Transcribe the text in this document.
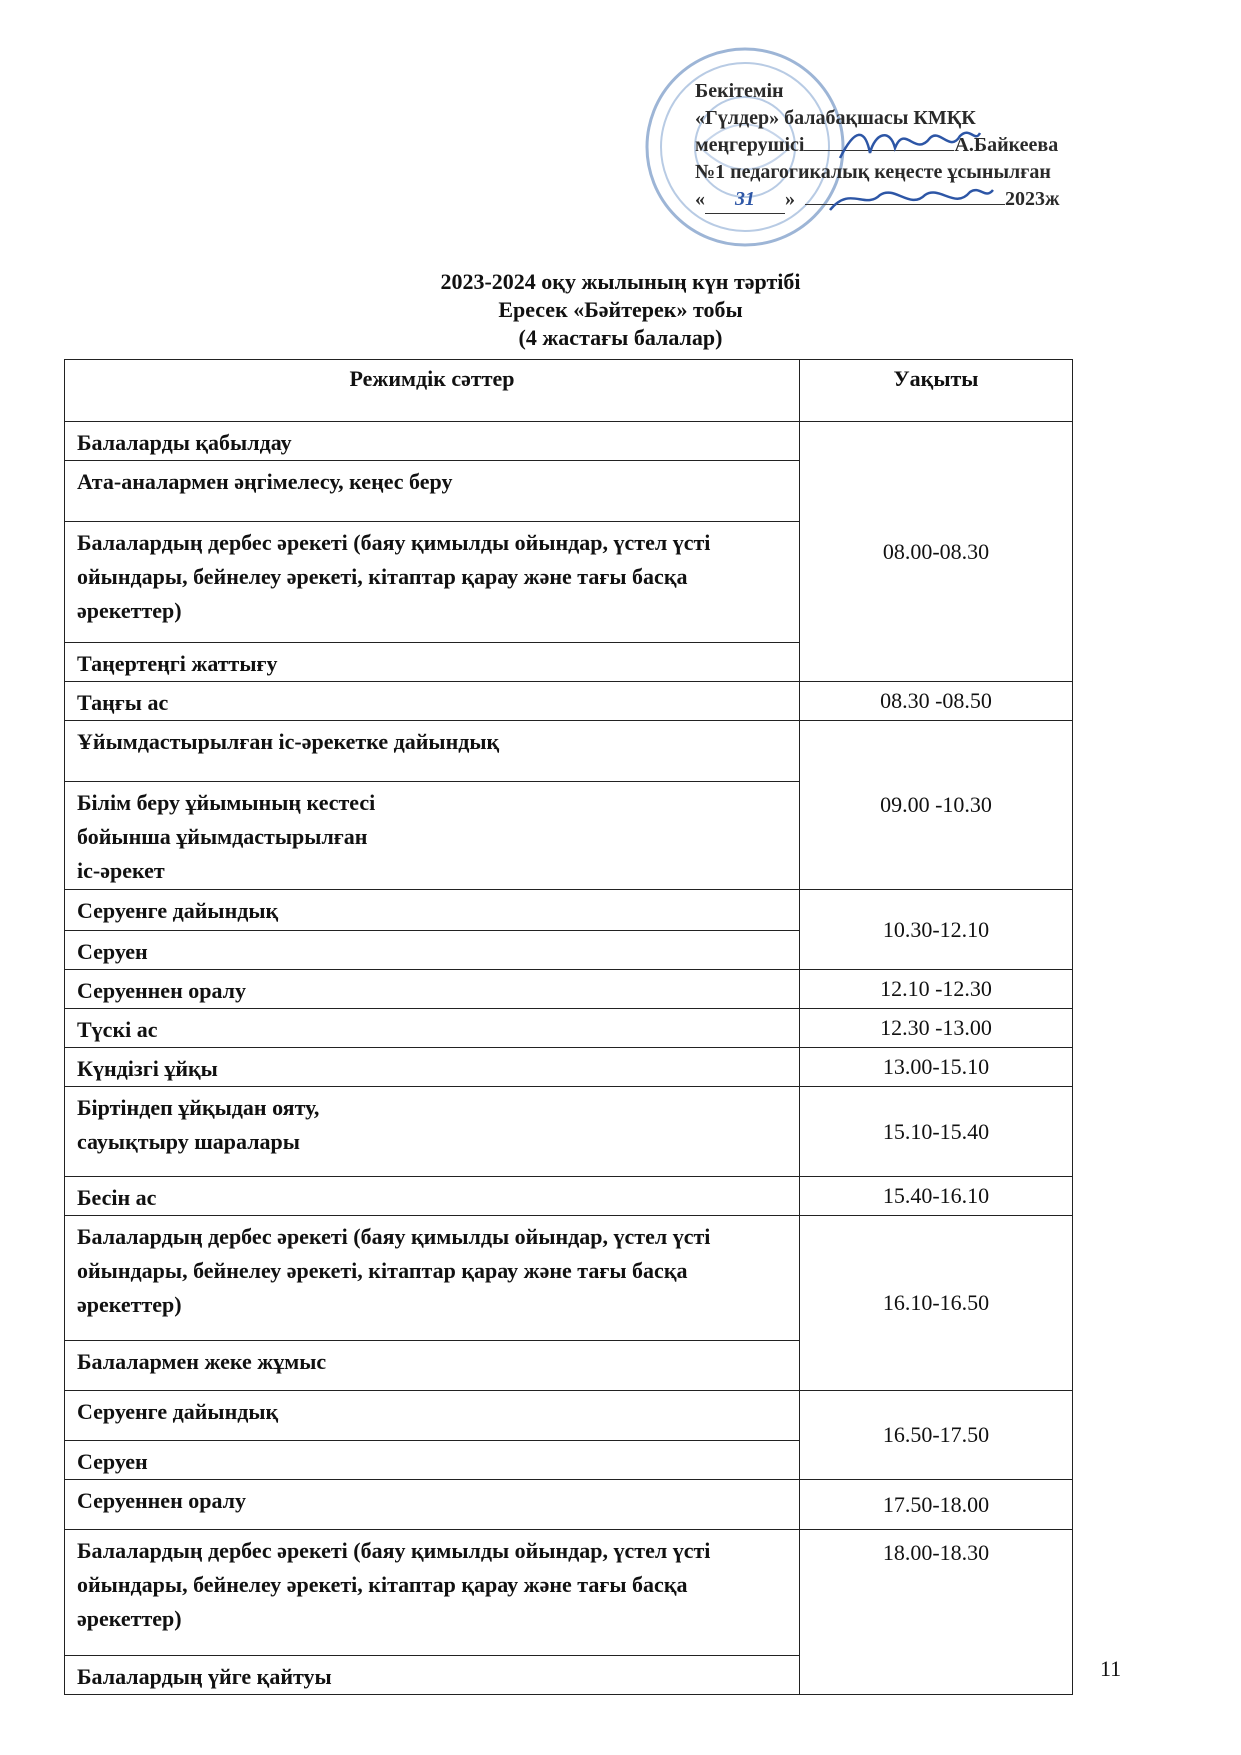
Бекітемін
«Гүлдер» балабақшасы КМҚК
меңгерушісі	А.Байкеева
№1 педагогикалық кеңесте ұсынылған
« 31 »	2023ж
2023-2024 оқу жылының күн тәртібі
Ересек «Бәйтерек» тобы
(4 жастағы балалар)
Режимдік сәттер	Уақыты
Балаларды қабылдау	08.00-08.30
Ата-аналармен әңгімелесу, кеңес беру	
Балалардың дербес әрекеті (баяу қимылды ойындар, үстел үсті ойындары, бейнелеу әрекеті, кітаптар қарау және тағы басқа әрекеттер)	
Таңертеңгі жаттығу	
Таңғы ас	08.30 -08.50
Ұйымдастырылған іс-әрекетке дайындық	09.00 -10.30
Білім беру ұйымының кестесі
бойынша ұйымдастырылған
іс-әрекет	
Серуенге дайындық	10.30-12.10
Серуен	
Серуеннен оралу	12.10 -12.30
Түскі ас	12.30 -13.00
Күндізгі ұйқы	13.00-15.10
Біртіндеп ұйқыдан ояту,
сауықтыру шаралары	15.10-15.40
Бесін ас	15.40-16.10
Балалардың дербес әрекеті (баяу қимылды ойындар, үстел үсті ойындары, бейнелеу әрекеті, кітаптар қарау және тағы басқа әрекеттер)	16.10-16.50
Балалармен жеке жұмыс	
Серуенге дайындық	16.50-17.50
Серуен	
Серуеннен оралу	17.50-18.00
Балалардың дербес әрекеті (баяу қимылды ойындар, үстел үсті ойындары, бейнелеу әрекеті, кітаптар қарау және тағы басқа әрекеттер)	18.00-18.30
Балалардың үйге қайтуы		11
